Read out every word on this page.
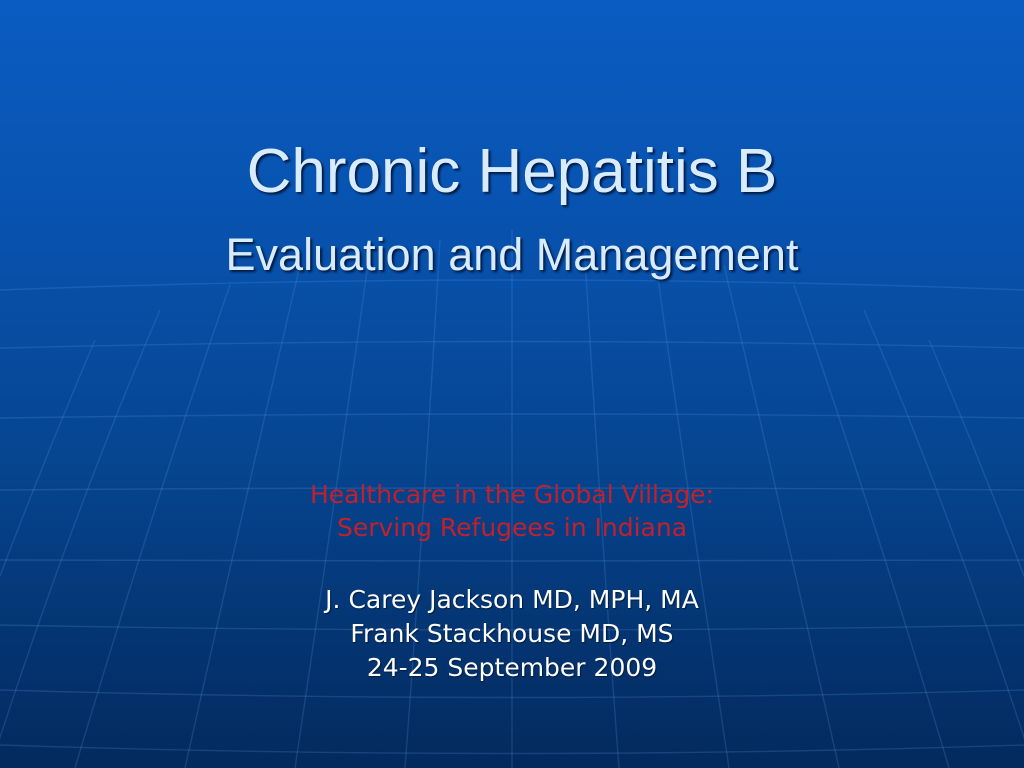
Chronic Hepatitis B
Evaluation and Management
Healthcare in the Global Village:
Serving Refugees in Indiana
J. Carey Jackson MD, MPH, MA
Frank Stackhouse MD, MS
24-25 September 2009
